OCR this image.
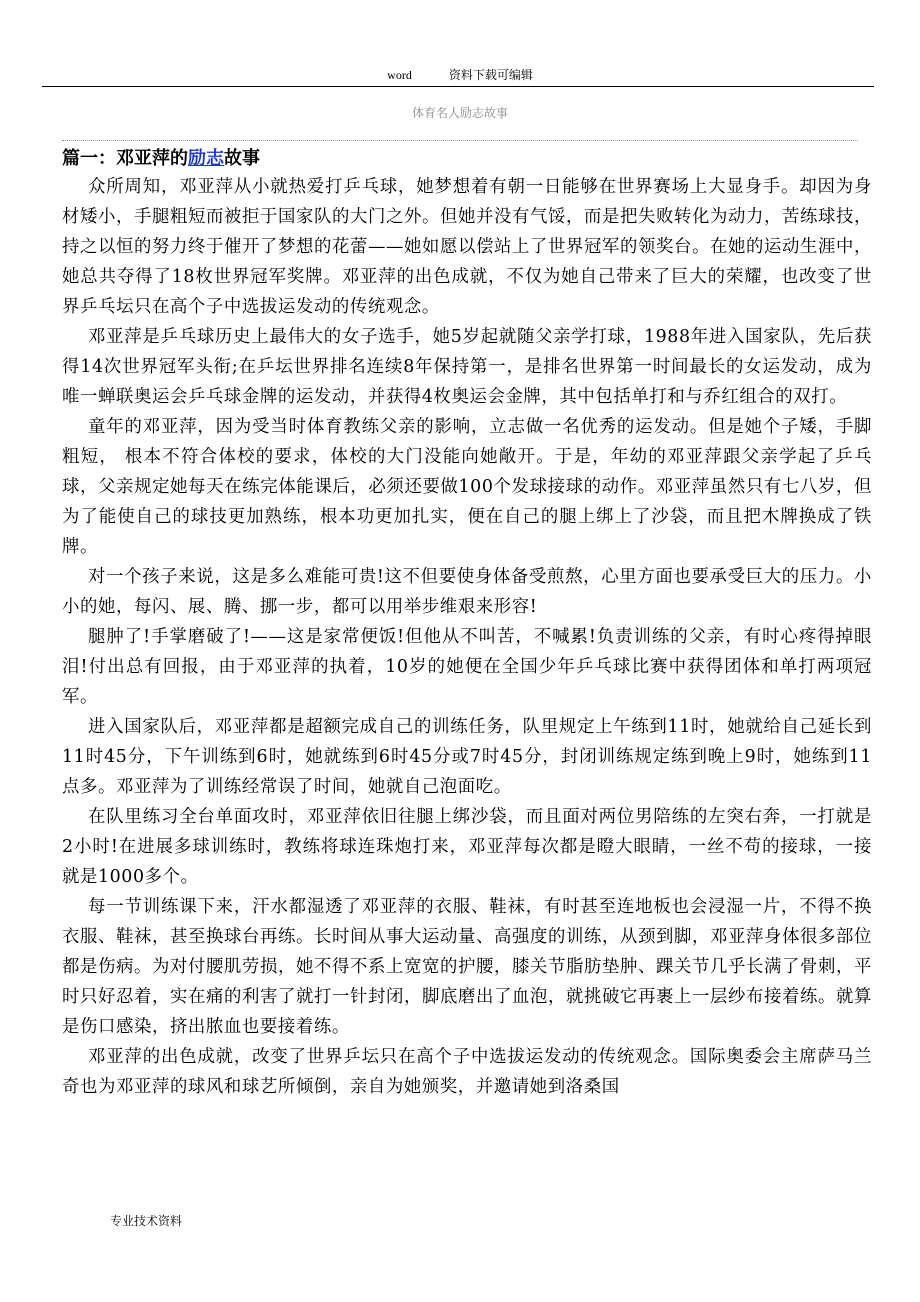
word	资料下载可编辑
体育名人励志故事
篇一：邓亚萍的励志故事

众所周知，邓亚萍从小就热爱打乒乓球，她梦想着有朝一日能够在世界赛场上大显身手。却因为身材矮小，手腿粗短而被拒于国家队的大门之外。但她并没有气馁，而是把失败转化为动力，苦练球技，持之以恒的努力终于催开了梦想的花蕾——她如愿以偿站上了世界冠军的领奖台。在她的运动生涯中，她总共夺得了18枚世界冠军奖牌。邓亚萍的出色成就，不仅为她自己带来了巨大的荣耀，也改变了世界乒乓坛只在高个子中选拔运发动的传统观念。

邓亚萍是乒乓球历史上最伟大的女子选手，她5岁起就随父亲学打球，1988年进入国家队，先后获得14次世界冠军头衔;在乒坛世界排名连续8年保持第一，是排名世界第一时间最长的女运发动，成为唯一蝉联奥运会乒乓球金牌的运发动，并获得4枚奥运会金牌，其中包括单打和与乔红组合的双打。

童年的邓亚萍，因为受当时体育教练父亲的影响，立志做一名优秀的运发动。但是她个子矮，手脚粗短， 根本不符合体校的要求，体校的大门没能向她敞开。于是，年幼的邓亚萍跟父亲学起了乒乓球，父亲规定她每天在练完体能课后，必须还要做100个发球接球的动作。邓亚萍虽然只有七八岁，但为了能使自己的球技更加熟练，根本功更加扎实，便在自己的腿上绑上了沙袋，而且把木牌换成了铁牌。

对一个孩子来说，这是多么难能可贵!这不但要使身体备受煎熬，心里方面也要承受巨大的压力。小小的她，每闪、展、腾、挪一步，都可以用举步维艰来形容!

腿肿了!手掌磨破了!——这是家常便饭!但他从不叫苦，不喊累!负责训练的父亲，有时心疼得掉眼泪!付出总有回报，由于邓亚萍的执着，10岁的她便在全国少年乒乓球比赛中获得团体和单打两项冠军。

进入国家队后，邓亚萍都是超额完成自己的训练任务，队里规定上午练到11时，她就给自己延长到11时45分，下午训练到6时，她就练到6时45分或7时45分，封闭训练规定练到晚上9时，她练到11点多。邓亚萍为了训练经常误了时间，她就自己泡面吃。

在队里练习全台单面攻时，邓亚萍依旧往腿上绑沙袋，而且面对两位男陪练的左突右奔，一打就是2小时!在进展多球训练时，教练将球连珠炮打来，邓亚萍每次都是瞪大眼睛，一丝不苟的接球，一接就是1000多个。

每一节训练课下来，汗水都湿透了邓亚萍的衣服、鞋袜，有时甚至连地板也会浸湿一片，不得不换衣服、鞋袜，甚至换球台再练。长时间从事大运动量、高强度的训练，从颈到脚，邓亚萍身体很多部位都是伤病。为对付腰肌劳损，她不得不系上宽宽的护腰，膝关节脂肪垫肿、踝关节几乎长满了骨刺，平时只好忍着，实在痛的利害了就打一针封闭，脚底磨出了血泡，就挑破它再裹上一层纱布接着练。就算是伤口感染，挤出脓血也要接着练。

邓亚萍的出色成就，改变了世界乒坛只在高个子中选拔运发动的传统观念。国际奥委会主席萨马兰奇也为邓亚萍的球风和球艺所倾倒，亲自为她颁奖，并邀请她到洛桑国

专业技术资料
